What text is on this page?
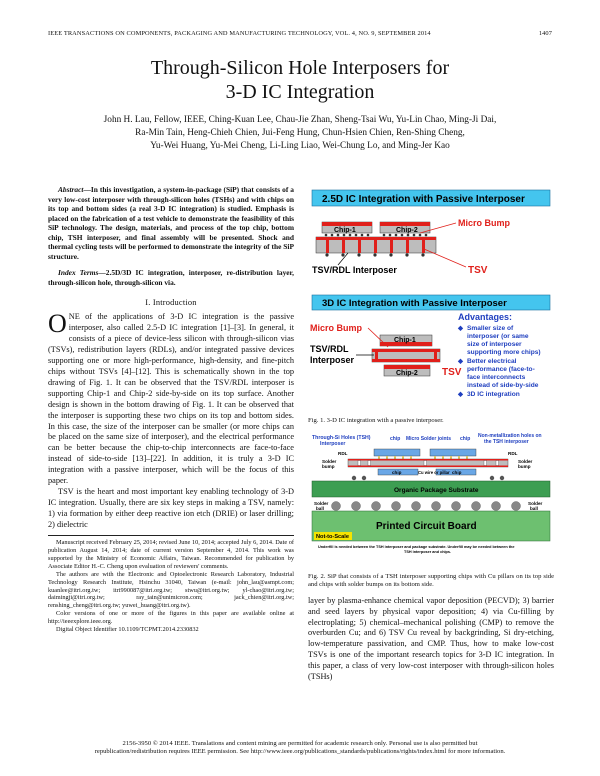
IEEE TRANSACTIONS ON COMPONENTS, PACKAGING AND MANUFACTURING TECHNOLOGY, VOL. 4, NO. 9, SEPTEMBER 2014	1407
Through-Silicon Hole Interposers for
3-D IC Integration
John H. Lau, Fellow, IEEE, Ching-Kuan Lee, Chau-Jie Zhan, Sheng-Tsai Wu, Yu-Lin Chao, Ming-Ji Dai,
Ra-Min Tain, Heng-Chieh Chien, Jui-Feng Hung, Chun-Hsien Chien, Ren-Shing Cheng,
Yu-Wei Huang, Yu-Mei Cheng, Li-Ling Liao, Wei-Chung Lo, and Ming-Jer Kao
Abstract—In this investigation, a system-in-package (SiP) that consists of a very low-cost interposer with through-silicon holes (TSHs) and with chips on its top and bottom sides (a real 3-D IC integration) is studied. Emphasis is placed on the fabrication of a test vehicle to demonstrate the feasibility of this SiP technology. The design, materials, and process of the top chip, bottom chip, TSH interposer, and final assembly will be presented. Shock and thermal cycling tests will be performed to demonstrate the integrity of the SiP structure.
Index Terms—2.5D/3D IC integration, interposer, re-distribution layer, through-silicon hole, through-silicon via.
I. Introduction
ONE of the applications of 3-D IC integration is the passive interposer, also called 2.5-D IC integration [1]–[3]. In general, it consists of a piece of device-less silicon with through-silicon vias (TSVs), redistribution layers (RDLs), and/or integrated passive devices supporting one or more high-performance, high-density, and fine-pitch chips without TSVs [4]–[12]. This is schematically shown in the top drawing of Fig. 1. It can be observed that the TSV/RDL interposer is supporting Chip-1 and Chip-2 side-by-side on its top surface. Another design is shown in the bottom drawing of Fig. 1. It can be observed that the interposer is supporting these two chips on its top and bottom sides. In this case, the size of the interposer can be smaller (or more chips can be placed on the same size of interposer), and the electrical performance can be better because the chip-to-chip interconnects are face-to-face instead of side-to-side [13]–[22]. In addition, it is truly a 3-D IC integration with a passive interposer, which will be the focus of this paper.

TSV is the heart and most important key enabling technology of 3-D IC integration. Usually, there are six key steps in making a TSV, namely: 1) via formation by either deep reactive ion etch (DRIE) or laser drilling; 2) dielectric

Manuscript received February 25, 2014; revised June 10, 2014; accepted July 6, 2014. Date of publication August 14, 2014; date of current version September 4, 2014. This work was supported by the Ministry of Economic Affairs, Taiwan. Recommended for publication by Associate Editor H.-C. Cheng upon evaluation of reviewers' comments.

The authors are with the Electronic and Optoelectronic Research Laboratory, Industrial Technology Research Institute, Hsinchu 31040, Taiwan (e-mail: john_lau@asmpt.com; kuanlee@itri.org.tw; itri990087@itri.org.tw; stwu@itri.org.tw; yl-chao@itri.org.tw; daimingji@itri.org.tw; ray_tain@unimicron.com; jack_chien@itri.org.tw; renshing_cheng@itri.org.tw; yuwei_huang@itri.org.tw).

Color versions of one or more of the figures in this paper are available online at http://ieeexplore.ieee.org.

Digital Object Identifier 10.1109/TCPMT.2014.2330832

2.5D IC Integration with Passive Interposer
Chip-1	Chip-2
Micro Bump
TSV/RDL Interposer	TSV
3D IC Integration with Passive Interposer
Micro Bump
TSV/RDL
Interposer
Chip-1
Chip-2 TSV
Advantages:
◆ Smaller size of
interposer (or same
size of interposer
supporting more chips)
◆ Better electrical
performance (face-to-
face interconnects
instead of side-by-side
◆ 3D IC integration
Fig. 1. 3-D IC integration with a passive interposer.
Through-Si Holes (TSH)
Interposer
chip Micro Solder joints chip Non-metallization holes on
the TSH interposer
RDL	RDL
Solder
bump
Solder
bump
chip	Cu wire or pillar chip
Organic Package Substrate
Solder
ball
Solder
ball
Printed Circuit Board
Not-to-Scale
Underfill is needed between the TSH interposer and package substrate. Underfill may be needed between the
TSH interposer and chips.
Fig. 2. SiP that consists of a TSH interposer supporting chips with Cu pillars on its top side and chips with solder bumps on its bottom side.
layer by plasma-enhance chemical vapor deposition (PECVD); 3) barrier and seed layers by physical vapor deposition; 4) via Cu-filling by electroplating; 5) chemical–mechanical polishing (CMP) to remove the overburden Cu; and 6) TSV Cu reveal by backgrinding, Si dry-etching, low-temperature passivation, and CMP. Thus, how to make low-cost TSVs is one of the important research topics for 3-D IC integration. In this paper, a class of very low-cost interposer with through-silicon holes (TSHs)
2156-3950 © 2014 IEEE. Translations and content mining are permitted for academic research only. Personal use is also permitted but
republication/redistribution requires IEEE permission. See http://www.ieee.org/publications_standards/publications/rights/index.html for more information.
